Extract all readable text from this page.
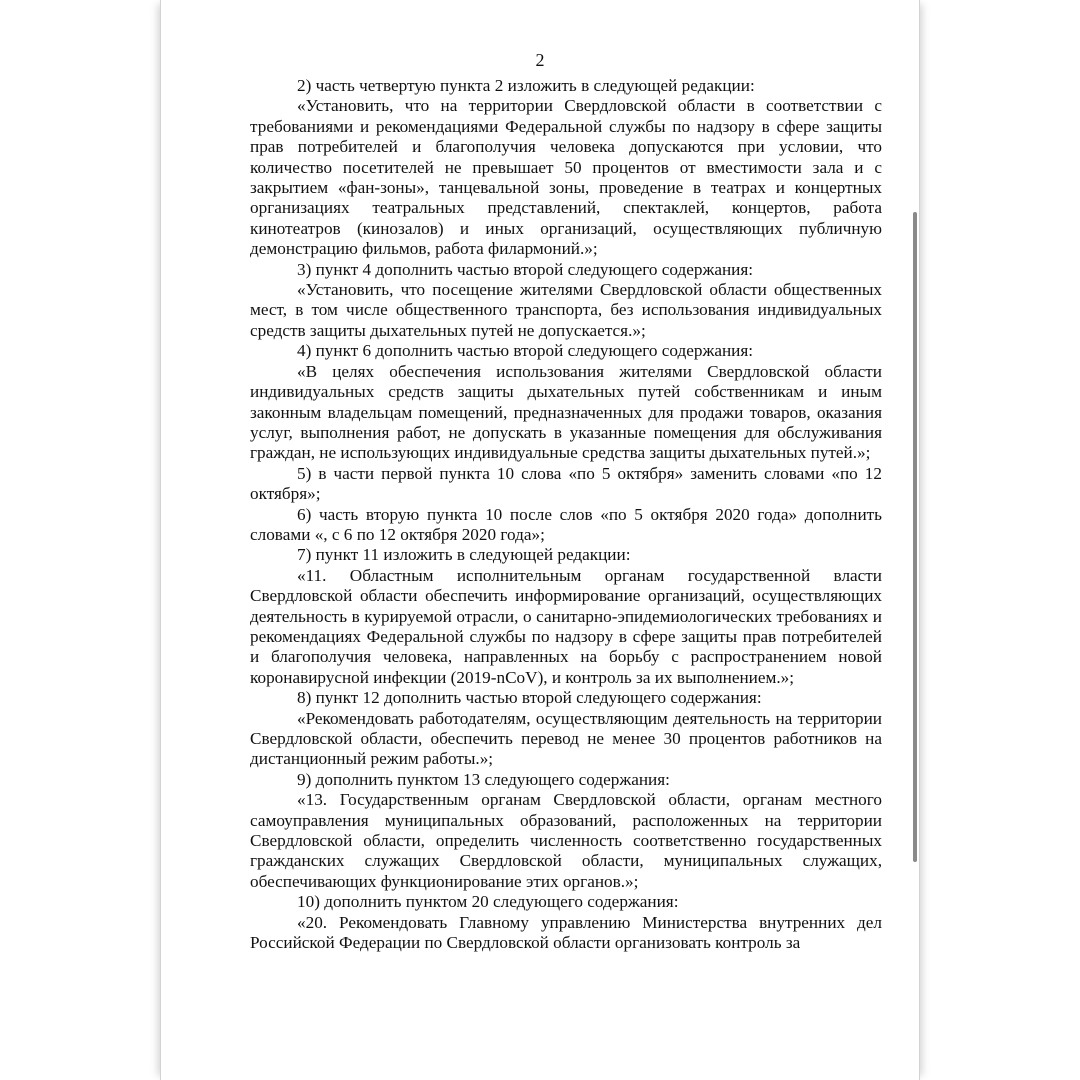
2

2) часть четвертую пункта 2 изложить в следующей редакции:

«Установить, что на территории Свердловской области в соответствии с требованиями и рекомендациями Федеральной службы по надзору в сфере защиты прав потребителей и благополучия человека допускаются при условии, что количество посетителей не превышает 50 процентов от вместимости зала и с закрытием «фан-зоны», танцевальной зоны, проведение в театрах и концертных организациях театральных представлений, спектаклей, концертов, работа кинотеатров (кинозалов) и иных организаций, осуществляющих публичную демонстрацию фильмов, работа филармоний.»;

3) пункт 4 дополнить частью второй следующего содержания:

«Установить, что посещение жителями Свердловской области общественных мест, в том числе общественного транспорта, без использования индивидуальных средств защиты дыхательных путей не допускается.»;

4) пункт 6 дополнить частью второй следующего содержания:

«В целях обеспечения использования жителями Свердловской области индивидуальных средств защиты дыхательных путей собственникам и иным законным владельцам помещений, предназначенных для продажи товаров, оказания услуг, выполнения работ, не допускать в указанные помещения для обслуживания граждан, не использующих индивидуальные средства защиты дыхательных путей.»;

5) в части первой пункта 10 слова «по 5 октября» заменить словами «по 12 октября»;

6) часть вторую пункта 10 после слов «по 5 октября 2020 года» дополнить словами «, с 6 по 12 октября 2020 года»;

7) пункт 11 изложить в следующей редакции:

«11. Областным исполнительным органам государственной власти Свердловской области обеспечить информирование организаций, осуществляющих деятельность в курируемой отрасли, о санитарно-эпидемиологических требованиях и рекомендациях Федеральной службы по надзору в сфере защиты прав потребителей и благополучия человека, направленных на борьбу с распространением новой коронавирусной инфекции (2019-nCoV), и контроль за их выполнением.»;

8) пункт 12 дополнить частью второй следующего содержания:

«Рекомендовать работодателям, осуществляющим деятельность на территории Свердловской области, обеспечить перевод не менее 30 процентов работников на дистанционный режим работы.»;

9) дополнить пунктом 13 следующего содержания:

«13. Государственным органам Свердловской области, органам местного самоуправления муниципальных образований, расположенных на территории Свердловской области, определить численность соответственно государственных гражданских служащих Свердловской области, муниципальных служащих, обеспечивающих функционирование этих органов.»;

10) дополнить пунктом 20 следующего содержания:

«20. Рекомендовать Главному управлению Министерства внутренних дел Российской Федерации по Свердловской области организовать контроль за
